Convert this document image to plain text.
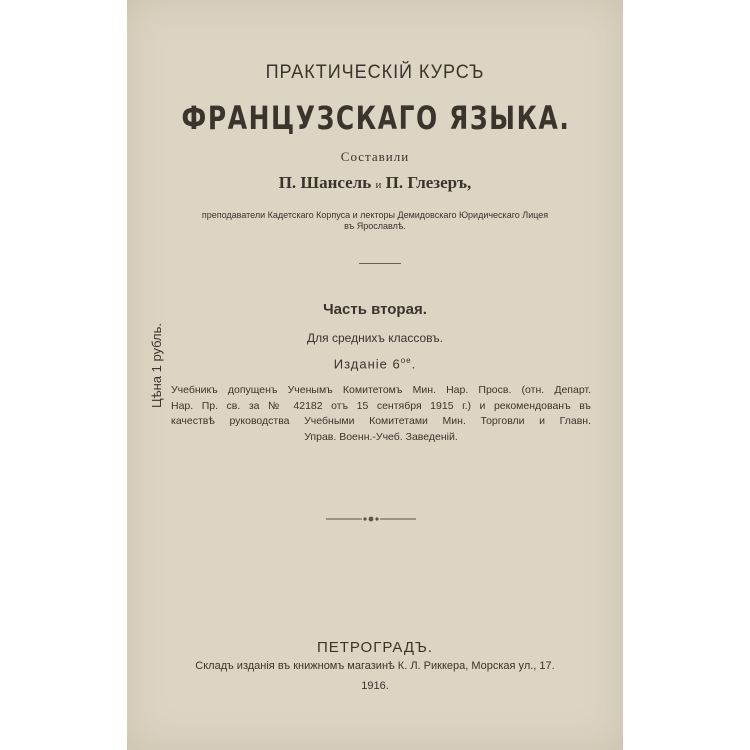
ПРАКТИЧЕСКІЙ КУРСЪ
ФРАНЦУЗСКАГО ЯЗЫКА.
Составили
П. Шансель и П. Глезеръ,
преподаватели Кадетскаго Корпуса и лекторы Демидовскаго Юридическаго Лицея
въ Ярославлѣ.
Цѣна 1 рубль.
Часть вторая.
Для среднихъ классовъ.
Изданіе $6^{ое}$.
Учебникъ допущенъ Ученымъ Комитетомъ Мин. Нар. Просв. (отн. Департ.
Нар. Пр. св. за № 42182 отъ 15 сентября 1915 г.) и рекомендованъ въ
качествѣ руководства Учебными Комитетами Мин. Торговли и Главн.
Управ. Военн.-Учеб. Заведеній.
ПЕТРОГРАДЪ.
Складъ изданія въ книжномъ магазинѣ К. Л. Риккера, Морская ул., 17.
1916.
